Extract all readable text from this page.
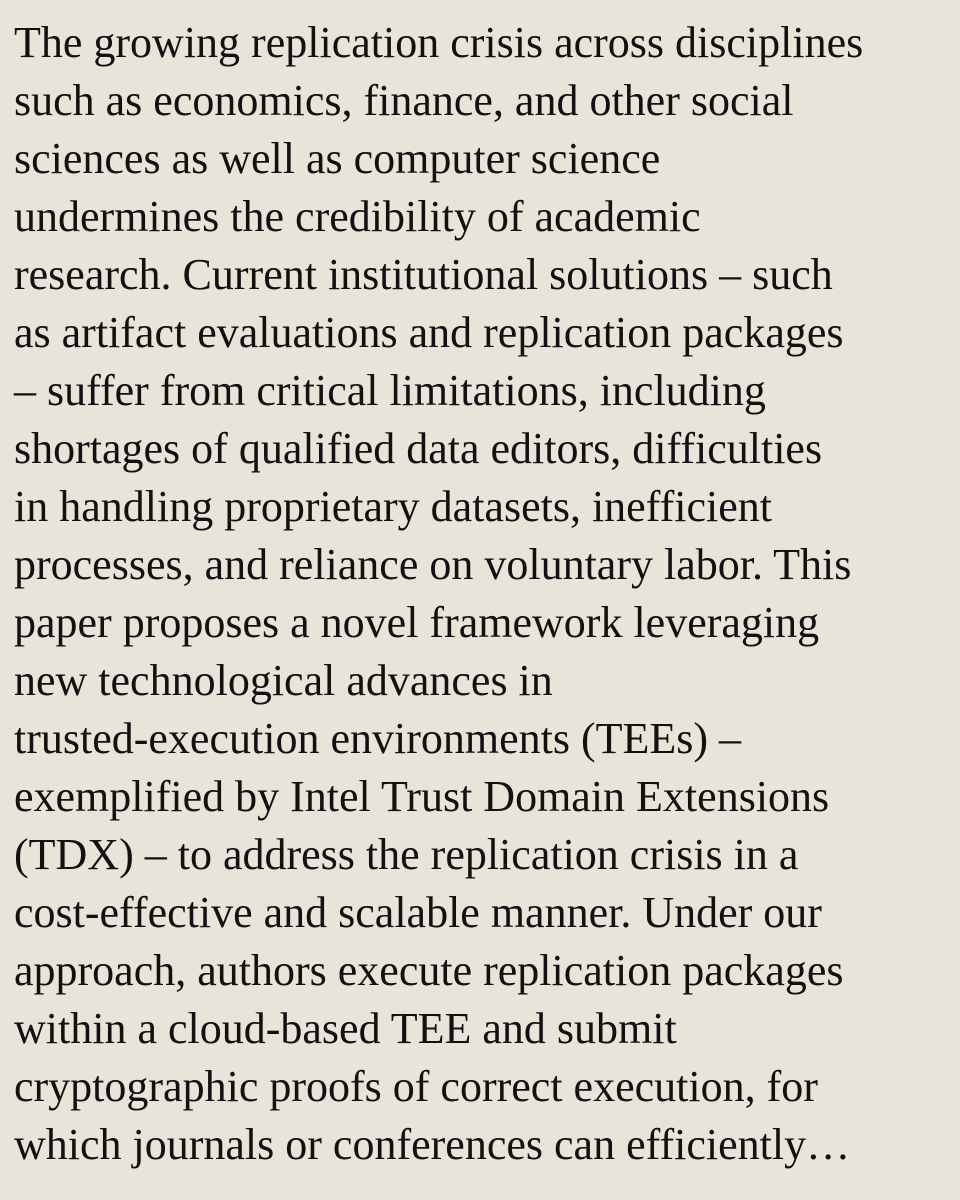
The growing replication crisis across disciplines
such as economics, finance, and other social
sciences as well as computer science
undermines the credibility of academic
research. Current institutional solutions – such
as artifact evaluations and replication packages
– suffer from critical limitations, including
shortages of qualified data editors, difficulties
in handling proprietary datasets, inefficient
processes, and reliance on voluntary labor. This
paper proposes a novel framework leveraging
new technological advances in
trusted-execution environments (TEEs) –
exemplified by Intel Trust Domain Extensions
(TDX) – to address the replication crisis in a
cost-effective and scalable manner. Under our
approach, authors execute replication packages
within a cloud-based TEE and submit
cryptographic proofs of correct execution, for
which journals or conferences can efficiently…
